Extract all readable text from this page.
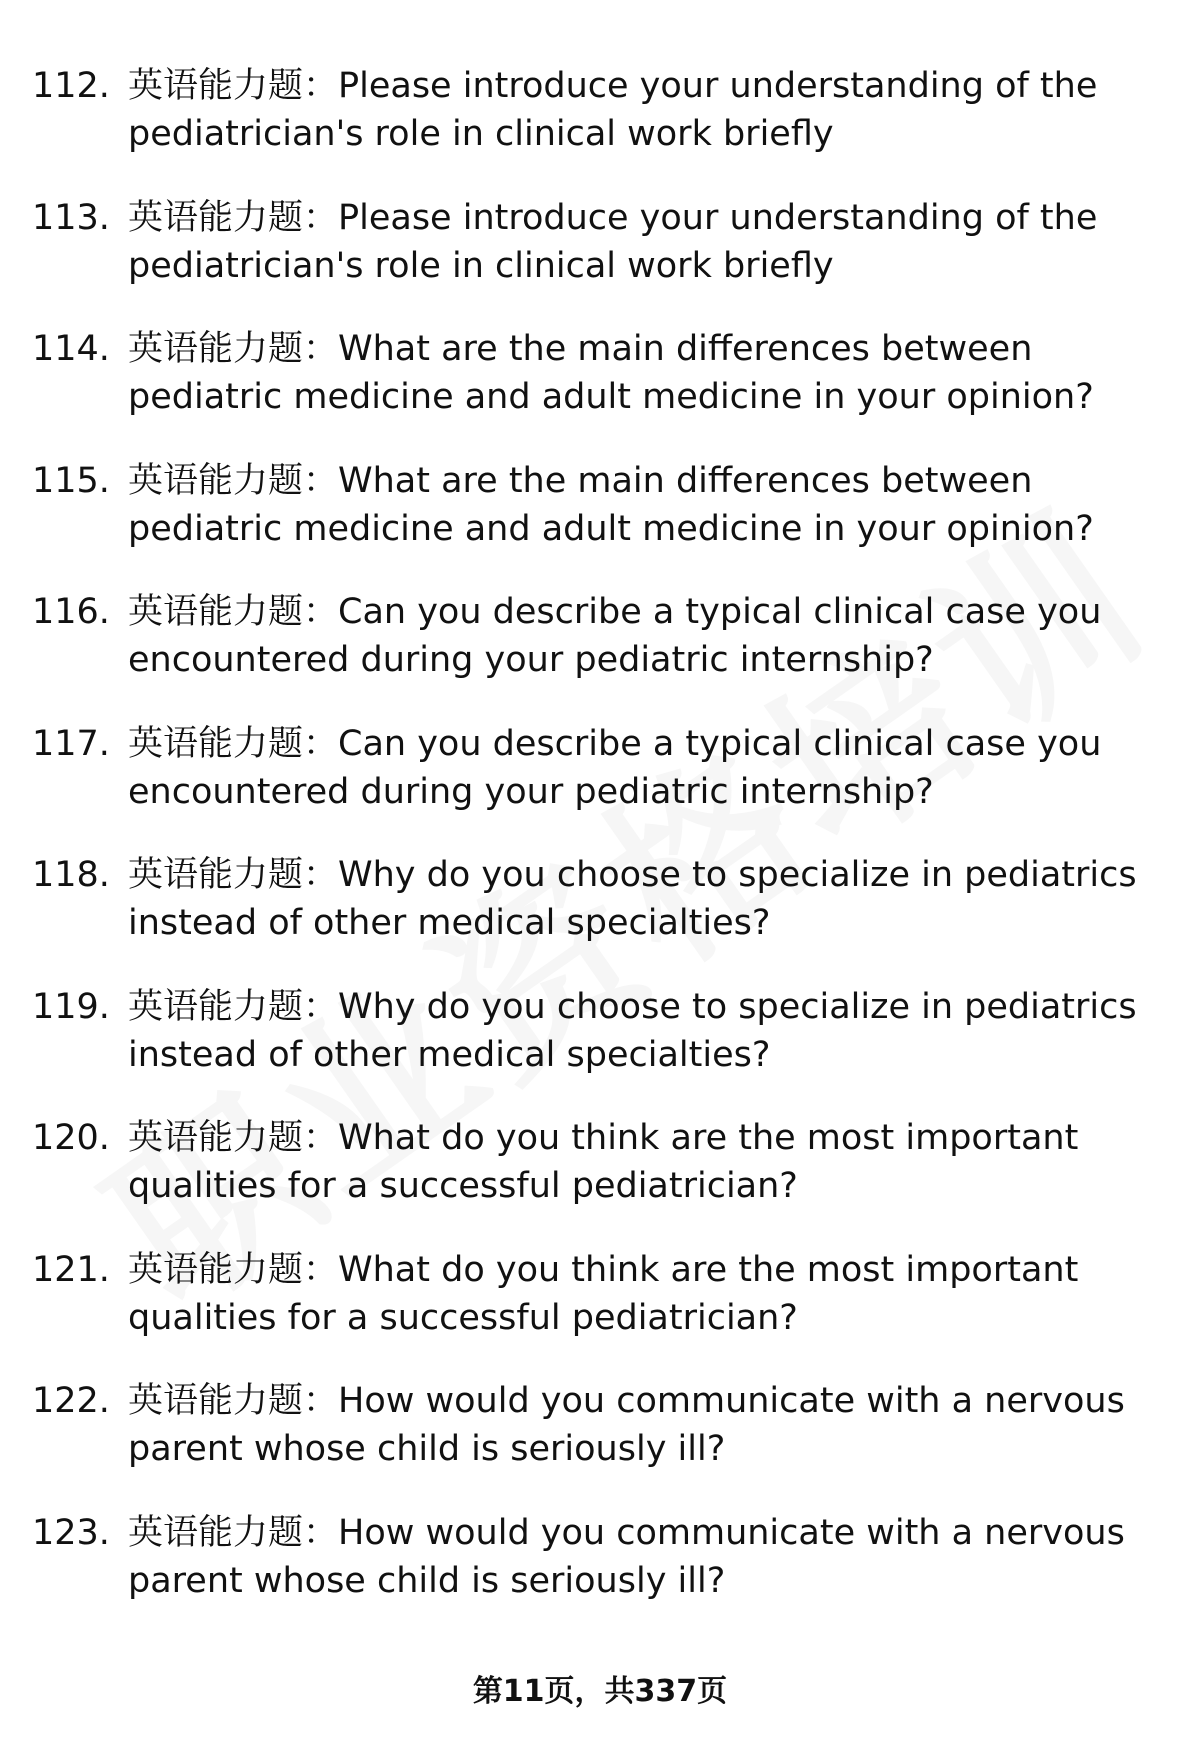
112. 英语能力题：Please introduce your understanding of the pediatrician's role in clinical work briefly
113. 英语能力题：Please introduce your understanding of the pediatrician's role in clinical work briefly
114. 英语能力题：What are the main differences between pediatric medicine and adult medicine in your opinion?
115. 英语能力题：What are the main differences between pediatric medicine and adult medicine in your opinion?
116. 英语能力题：Can you describe a typical clinical case you encountered during your pediatric internship?
117. 英语能力题：Can you describe a typical clinical case you encountered during your pediatric internship?
118. 英语能力题：Why do you choose to specialize in pediatrics instead of other medical specialties?
119. 英语能力题：Why do you choose to specialize in pediatrics instead of other medical specialties?
120. 英语能力题：What do you think are the most important qualities for a successful pediatrician?
121. 英语能力题：What do you think are the most important qualities for a successful pediatrician?
122. 英语能力题：How would you communicate with a nervous parent whose child is seriously ill?
123. 英语能力题：How would you communicate with a nervous parent whose child is seriously ill?
第11页，共337页
